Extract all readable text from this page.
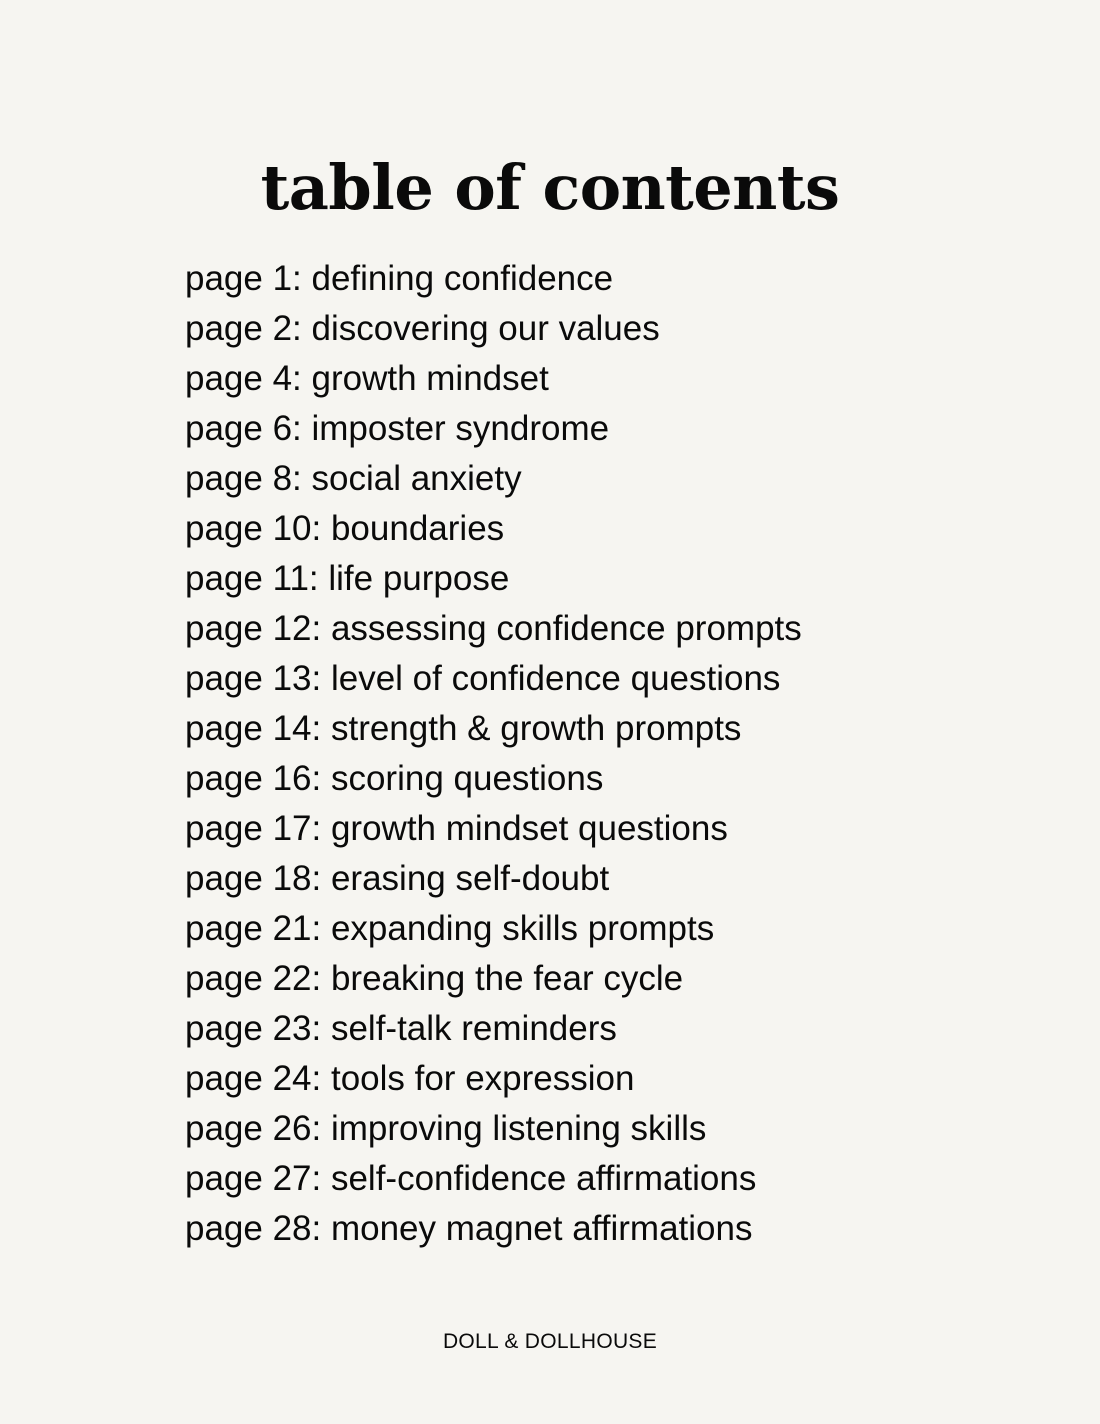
table of contents
page 1: defining confidence
page 2: discovering our values
page 4: growth mindset
page 6: imposter syndrome
page 8: social anxiety
page 10: boundaries
page 11: life purpose
page 12: assessing confidence prompts
page 13: level of confidence questions
page 14: strength & growth prompts
page 16: scoring questions
page 17: growth mindset questions
page 18: erasing self-doubt
page 21: expanding skills prompts
page 22: breaking the fear cycle
page 23: self-talk reminders
page 24: tools for expression
page 26: improving listening skills
page 27: self-confidence affirmations
page 28: money magnet affirmations
DOLL & DOLLHOUSE
